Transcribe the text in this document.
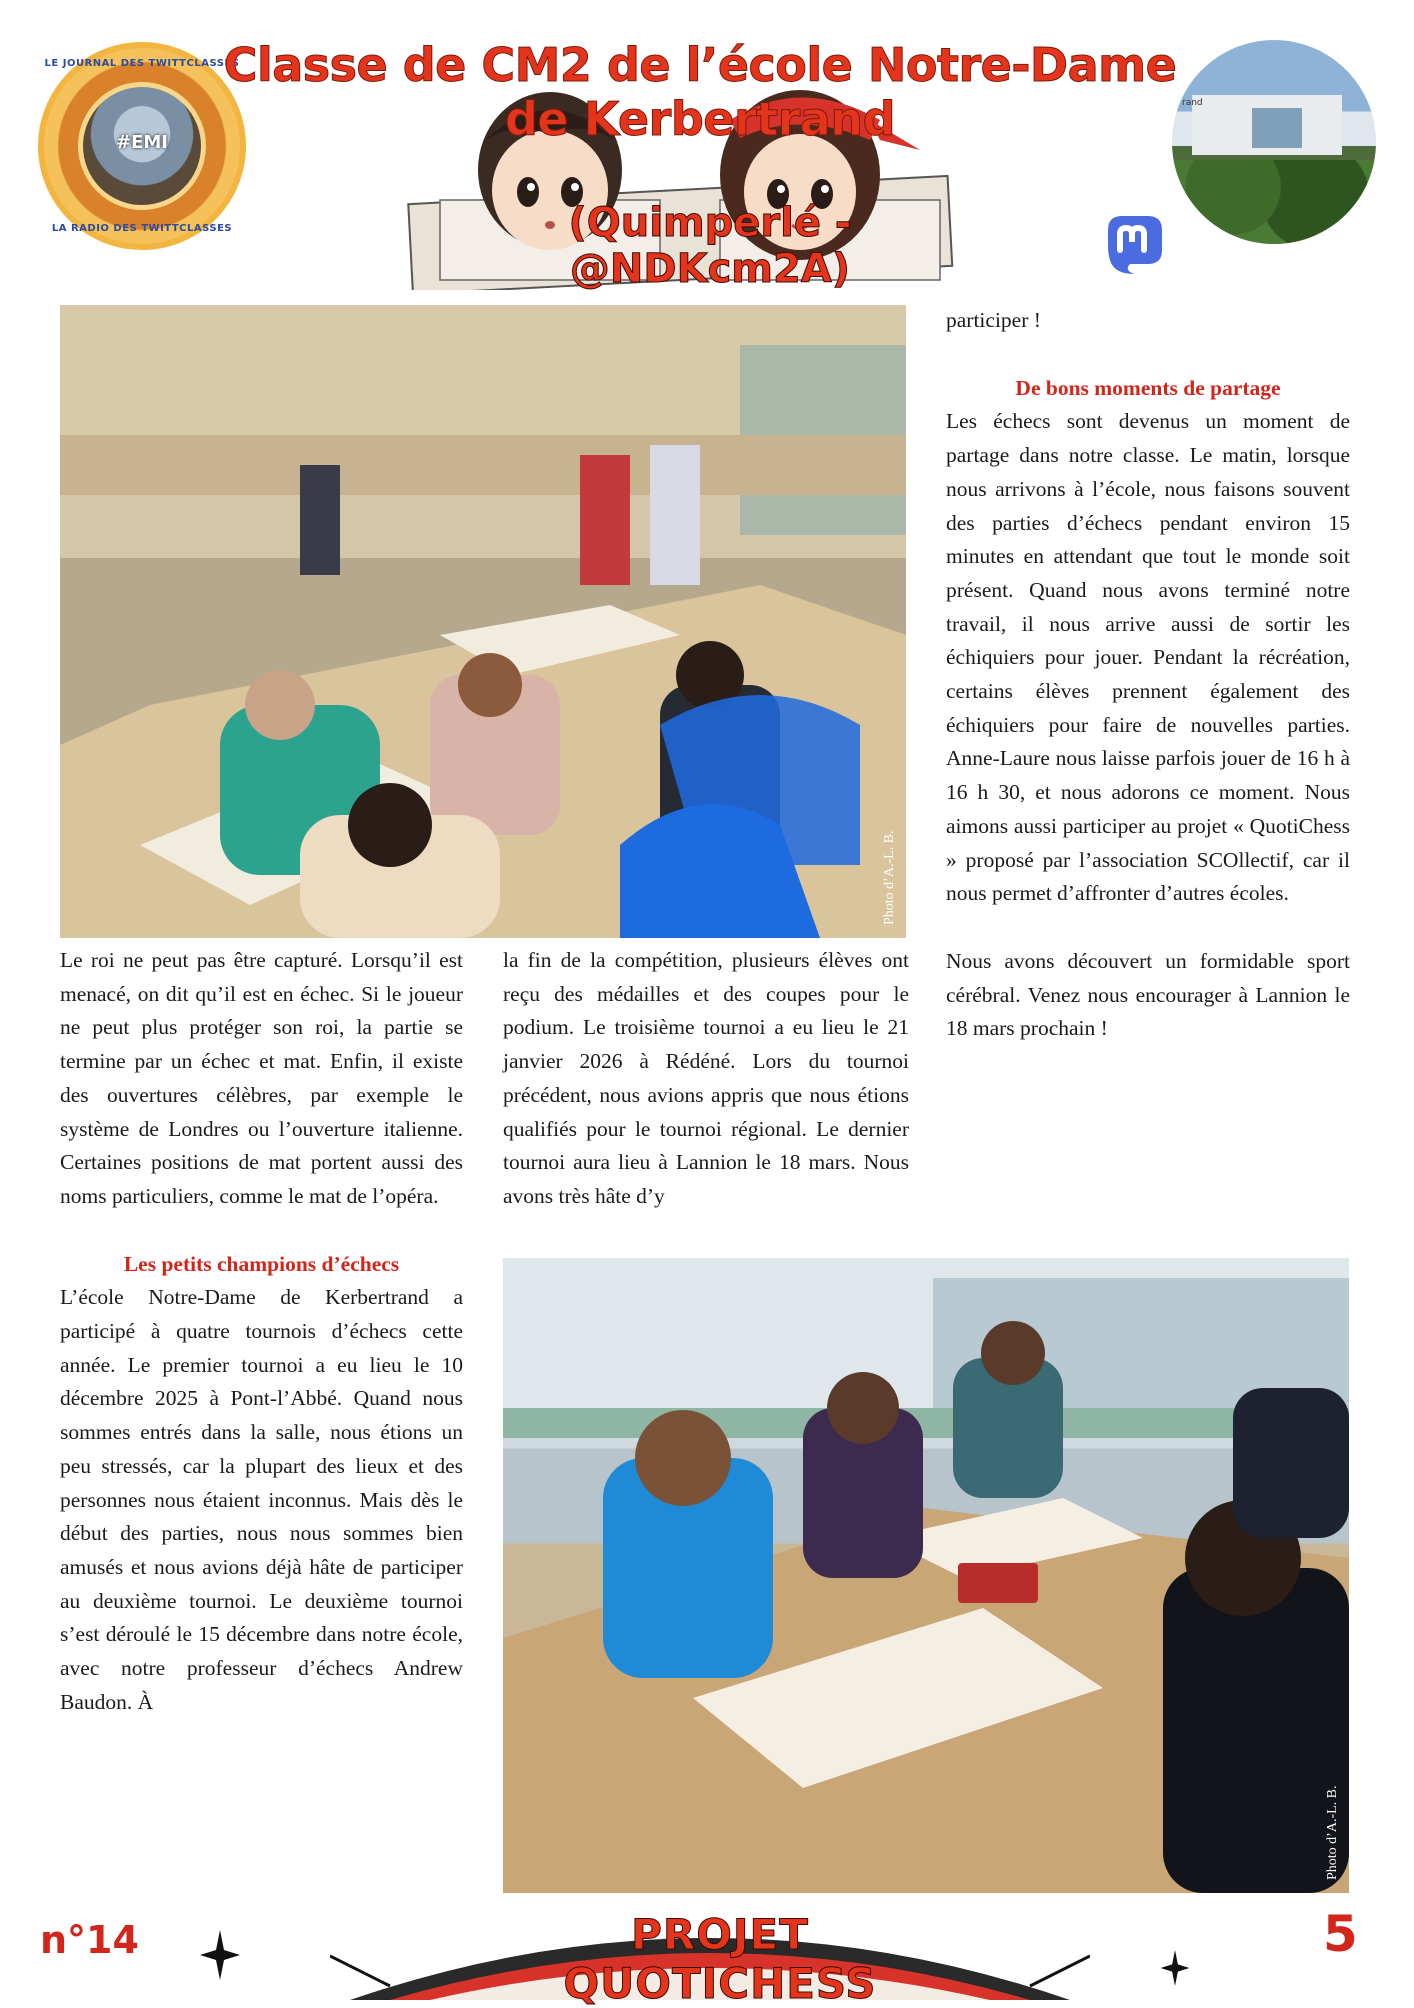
LE JOURNAL DES TWITTCLASSES
#EMI
LA RADIO DES TWITTCLASSES
Classe de CM2 de l’école Notre-Dame de Kerbertrand
(Quimperlé - @NDKcm2A)
rand
Photo d’A.-L. B.
Photo d’A.-L. B.

Le roi ne peut pas être capturé. Lorsqu’il est menacé, on dit qu’il est en échec. Si le joueur ne peut plus protéger son roi, la partie se termine par un échec et mat. Enfin, il existe des ouvertures célèbres, par exemple le système de Londres ou l’ouverture italienne. Certaines positions de mat portent aussi des noms particuliers, comme le mat de l’opéra.

Les petits champions d’échecs

L’école Notre-Dame de Kerbertrand a participé à quatre tournois d’échecs cette année. Le premier tournoi a eu lieu le 10 décembre 2025 à Pont-l’Abbé. Quand nous sommes entrés dans la salle, nous étions un peu stressés, car la plupart des lieux et des personnes nous étaient inconnus. Mais dès le début des parties, nous nous sommes bien amusés et nous avions déjà hâte de participer au deuxième tournoi. Le deuxième tournoi s’est déroulé le 15 décembre dans notre école, avec notre professeur d’échecs Andrew Baudon. À

la fin de la compétition, plusieurs élèves ont reçu des médailles et des coupes pour le podium. Le troisième tournoi a eu lieu le 21 janvier 2026 à Rédéné. Lors du tournoi précédent, nous avions appris que nous étions qualifiés pour le tournoi régional. Le dernier tournoi aura lieu à Lannion le 18 mars. Nous avons très hâte d’y

participer !

De bons moments de partage

Les échecs sont devenus un moment de partage dans notre classe. Le matin, lorsque nous arrivons à l’école, nous faisons souvent des parties d’échecs pendant environ 15 minutes en attendant que tout le monde soit présent. Quand nous avons terminé notre travail, il nous arrive aussi de sortir les échiquiers pour jouer. Pendant la récréation, certains élèves prennent également des échiquiers pour faire de nouvelles parties. Anne-Laure nous laisse parfois jouer de 16 h à 16 h 30, et nous adorons ce moment. Nous aimons aussi participer au projet « QuotiChess » proposé par l’association SCOllectif, car il nous permet d’affronter d’autres écoles.

Nous avons découvert un formidable sport cérébral. Venez nous encourager à Lannion le 18 mars prochain !

n°14	PROJET QUOTICHESS
5
